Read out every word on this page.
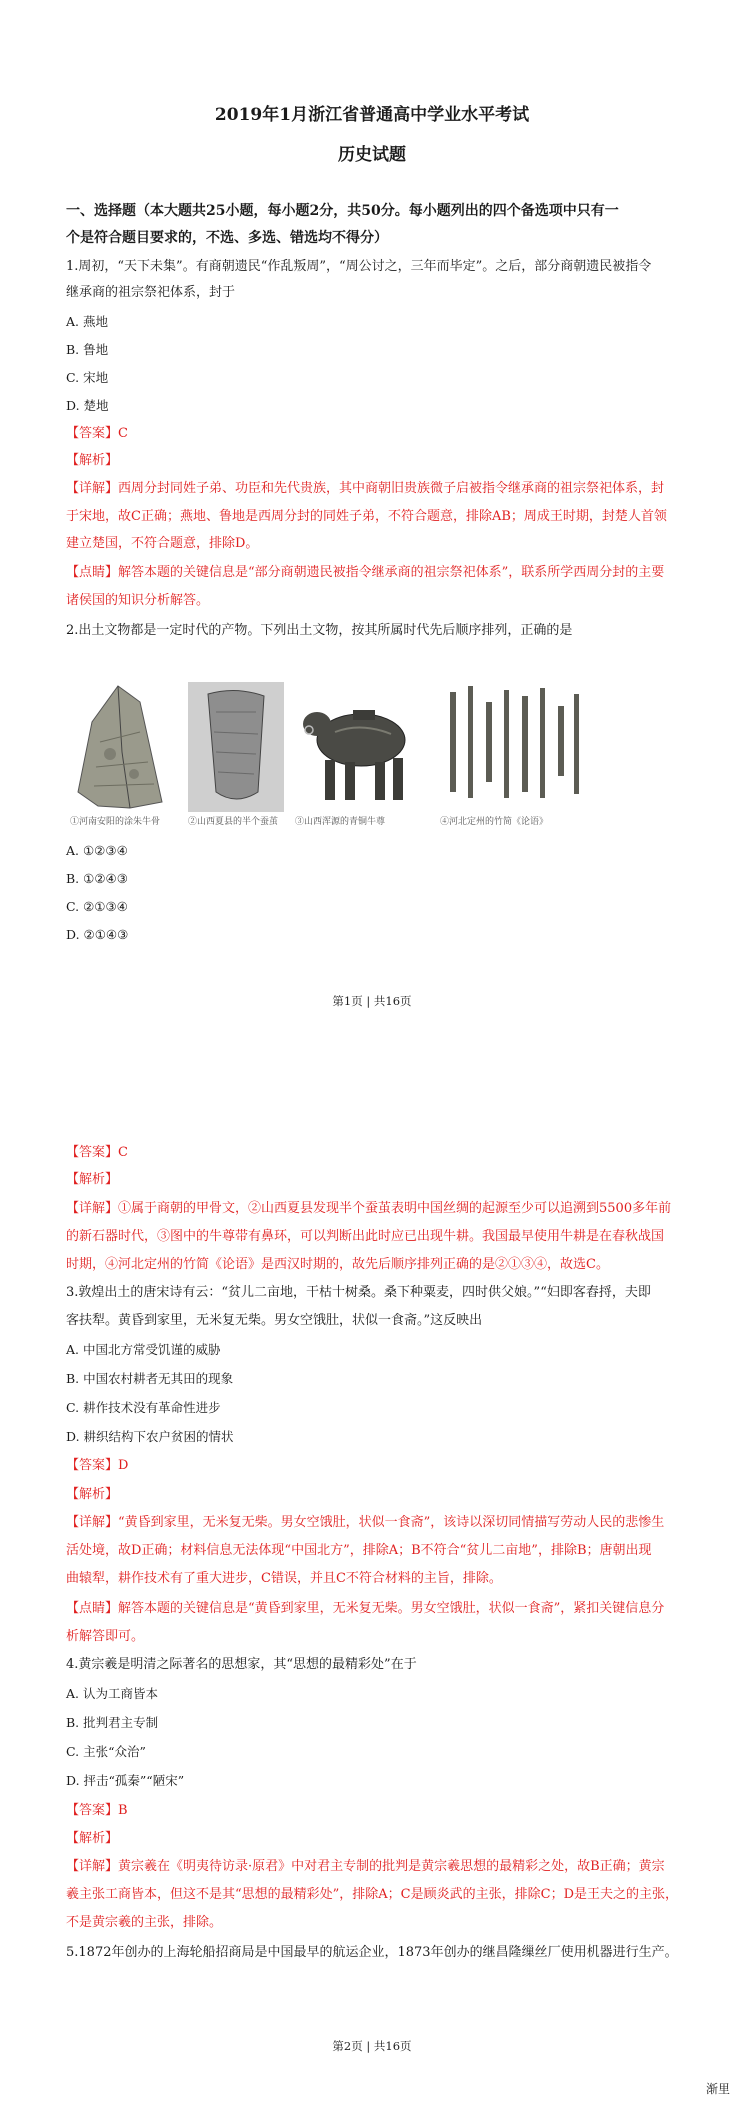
2019年1月浙江省普通高中学业水平考试
历史试题
一、选择题（本大题共25小题，每小题2分，共50分。每小题列出的四个备选项中只有一
个是符合题目要求的，不选、多选、错选均不得分）
1.周初，“天下未集”。有商朝遗民“作乱叛周”，“周公讨之，三年而毕定”。之后，部分商朝遗民被指令
继承商的祖宗祭祀体系，封于
A. 燕地
B. 鲁地
C. 宋地
D. 楚地
【答案】C
【解析】
【详解】西周分封同姓子弟、功臣和先代贵族，其中商朝旧贵族微子启被指令继承商的祖宗祭祀体系，封
于宋地，故C正确；燕地、鲁地是西周分封的同姓子弟，不符合题意，排除AB；周成王时期，封楚人首领
建立楚国，不符合题意，排除D。
【点睛】解答本题的关键信息是“部分商朝遗民被指令继承商的祖宗祭祀体系”，联系所学西周分封的主要
诸侯国的知识分析解答。
2.出土文物都是一定时代的产物。下列出土文物，按其所属时代先后顺序排列，正确的是
①河南安阳的涂朱牛骨	②山西夏县的半个蚕茧 ③山西浑源的青铜牛尊	④河北定州的竹简《论语》
A. ①②③④
B. ①②④③
C. ②①③④
D. ②①④③
第1页 | 共16页
【答案】C
【解析】
【详解】①属于商朝的甲骨文，②山西夏县发现半个蚕茧表明中国丝绸的起源至少可以追溯到5500多年前
的新石器时代，③图中的牛尊带有鼻环，可以判断出此时应已出现牛耕。我国最早使用牛耕是在春秋战国
时期，④河北定州的竹简《论语》是西汉时期的，故先后顺序排列正确的是②①③④，故选C。
3.敦煌出土的唐宋诗有云：“贫儿二亩地，干枯十树桑。桑下种粟麦，四时供父娘。”“妇即客舂捋，夫即
客扶犁。黄昏到家里，无米复无柴。男女空饿肚，状似一食斋。”这反映出
A. 中国北方常受饥谨的威胁
B. 中国农村耕者无其田的现象
C. 耕作技术没有革命性进步
D. 耕织结构下农户贫困的情状
【答案】D
【解析】
【详解】“黄昏到家里，无米复无柴。男女空饿肚，状似一食斋”，该诗以深切同情描写劳动人民的悲惨生
活处境，故D正确；材料信息无法体现“中国北方”，排除A；B不符合“贫儿二亩地”，排除B；唐朝出现
曲辕犁，耕作技术有了重大进步，C错误，并且C不符合材料的主旨，排除。
【点睛】解答本题的关键信息是“黄昏到家里，无米复无柴。男女空饿肚，状似一食斋”，紧扣关键信息分
析解答即可。
4.黄宗羲是明清之际著名的思想家，其“思想的最精彩处”在于
A. 认为工商皆本
B. 批判君主专制
C. 主张“众治”
D. 抨击“孤秦”“陋宋”
【答案】B
【解析】
【详解】黄宗羲在《明夷待访录·原君》中对君主专制的批判是黄宗羲思想的最精彩之处，故B正确；黄宗
羲主张工商皆本，但这不是其“思想的最精彩处”，排除A；C是顾炎武的主张，排除C；D是王夫之的主张，
不是黄宗羲的主张，排除。
5.1872年创办的上海轮船招商局是中国最早的航运企业，1873年创办的继昌隆缫丝厂使用机器进行生产。
第2页 | 共16页
渐里
